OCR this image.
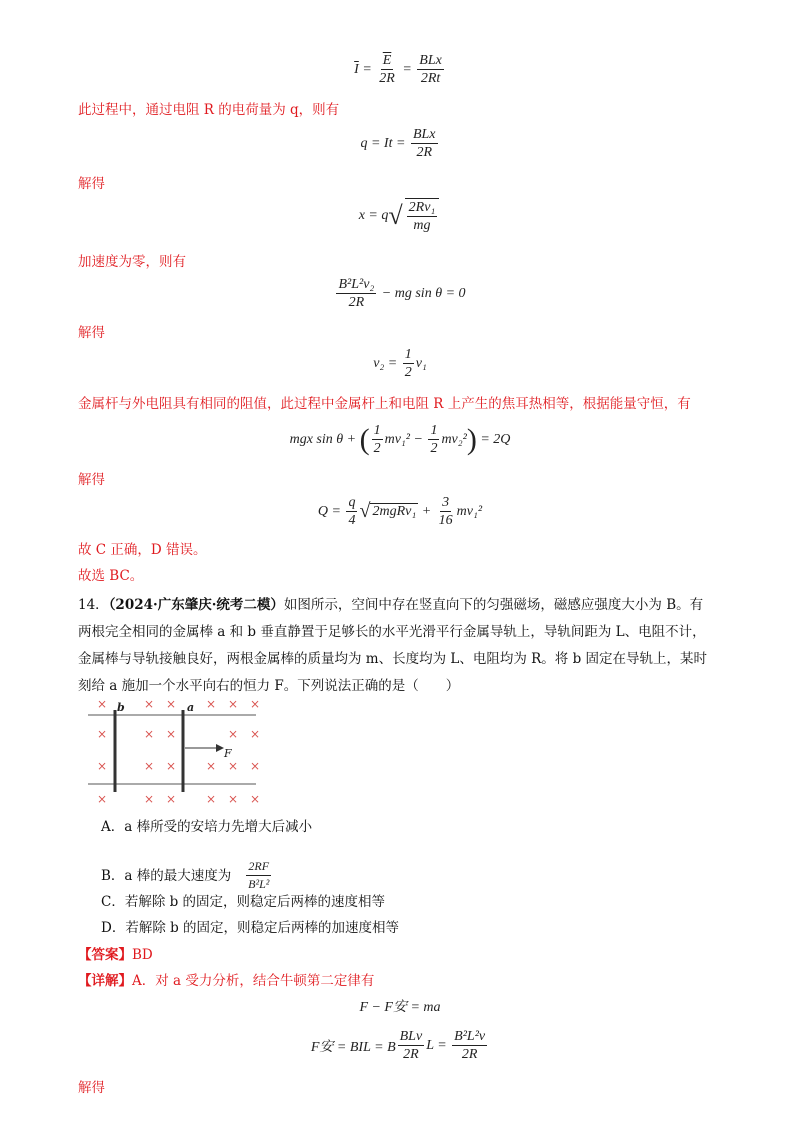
$\overline{I} = \frac{\overline{E}}{2R} = \frac{\text{BLx}}{2Rt}$
此过程中，通过电阻 R 的电荷量为 q，则有
q = It =
$\frac{\text{BLx}}{2R}$
解得
x = q √ $\frac{\text{2Rv₁}}{mg}$
加速度为零，则有
$\frac{\text{B²L²v₂}}{2R}$
− mg sin θ = 0
解得
v₂ =
$\frac{1}{2} v_1$
金属杆与外电阻具有相同的阻值，此过程中金属杆上和电阻 R 上产生的焦耳热相等，根据能量守恒，有
mgx sin θ +
( $\frac{1}{2} mv_1^2 - \frac{1}{2} mv_2^2$ )
= 2Q
解得
Q =
$\frac{q}{4}$ √ 2mgRv₁ + $\frac{3}{16} mv_1^2$
故 C 正确，D 错误。
故选 BC。
14．（2024·广东肇庆·统考二模）如图所示，空间中存在竖直向下的匀强磁场，磁感应强度大小为 B。有
两根完全相同的金属棒 a 和 b 垂直静置于足够长的水平光滑平行金属导轨上，导轨间距为 L、电阻不计，
金属棒与导轨接触良好，两根金属棒的质量均为 m、长度均为 L、电阻均为 R。将 b 固定在导轨上，某时
刻给 a 施加一个水平向右的恒力 F。下列说法正确的是（　　）
b	a
F
×	× × × × ×
×	× ×	× ×
×	× × × × ×
×	× × × × ×
A．a 棒所受的安培力先增大后减小
B．a 棒的最大速度为
$\frac{2RF}{\text{B²L²}}$
C．若解除 b 的固定，则稳定后两棒的速度相等
D．若解除 b 的固定，则稳定后两棒的加速度相等
【答案】BD
【详解】A．对 a 受力分析，结合牛顿第二定律有
F − F安 = ma
F安 = BIL = B $\frac{\text{BLv}}{2R}$ L =
$\frac{\text{B²L²v}}{2R}$
解得
